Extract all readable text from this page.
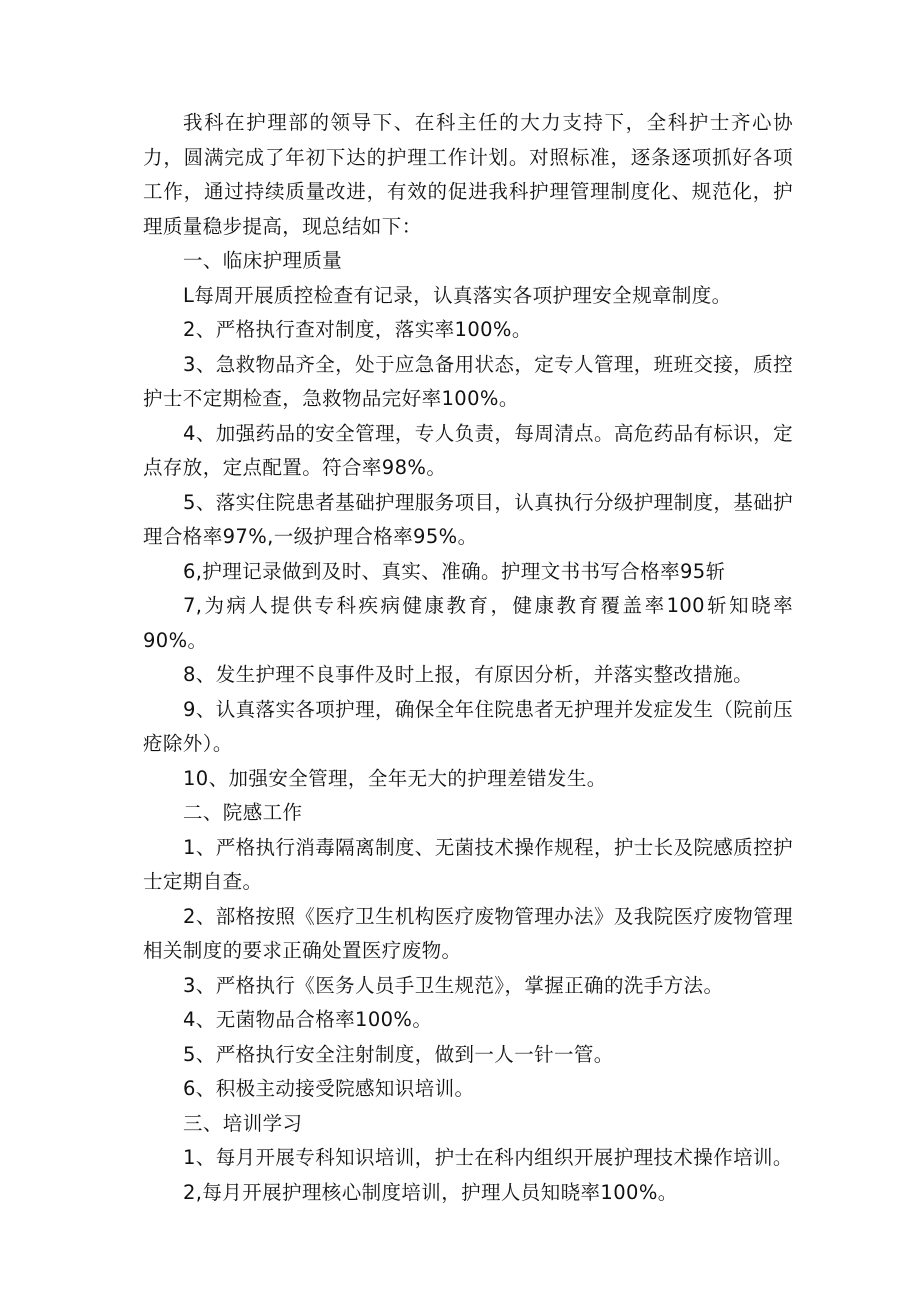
我科在护理部的领导下、在科主任的大力支持下，全科护士齐心协力，圆满完成了年初下达的护理工作计划。对照标准，逐条逐项抓好各项工作，通过持续质量改进，有效的促进我科护理管理制度化、规范化，护理质量稳步提高，现总结如下：

一、临床护理质量

L每周开展质控检查有记录，认真落实各项护理安全规章制度。

2、严格执行查对制度，落实率100%。

3、急救物品齐全，处于应急备用状态，定专人管理，班班交接，质控护士不定期检查，急救物品完好率100%。

4、加强药品的安全管理，专人负责，每周清点。高危药品有标识，定点存放，定点配置。符合率98%。

5、落实住院患者基础护理服务项目，认真执行分级护理制度，基础护理合格率97%,一级护理合格率95%。

6,护理记录做到及时、真实、准确。护理文书书写合格率95斩

7,为病人提供专科疾病健康教育，健康教育覆盖率100斩知晓率90%。

8、发生护理不良事件及时上报，有原因分析，并落实整改措施。

9、认真落实各项护理，确保全年住院患者无护理并发症发生（院前压疮除外）。

10、加强安全管理，全年无大的护理差错发生。

二、院感工作

1、严格执行消毒隔离制度、无菌技术操作规程，护士长及院感质控护士定期自查。

2、部格按照《医疗卫生机构医疗废物管理办法》及我院医疗废物管理相关制度的要求正确处置医疗废物。

3、严格执行《医务人员手卫生规范》，掌握正确的洗手方法。

4、无菌物品合格率100%。

5、严格执行安全注射制度，做到一人一针一管。

6、积极主动接受院感知识培训。

三、培训学习

1、每月开展专科知识培训，护士在科内组织开展护理技术操作培训。

2,每月开展护理核心制度培训，护理人员知晓率100%。
